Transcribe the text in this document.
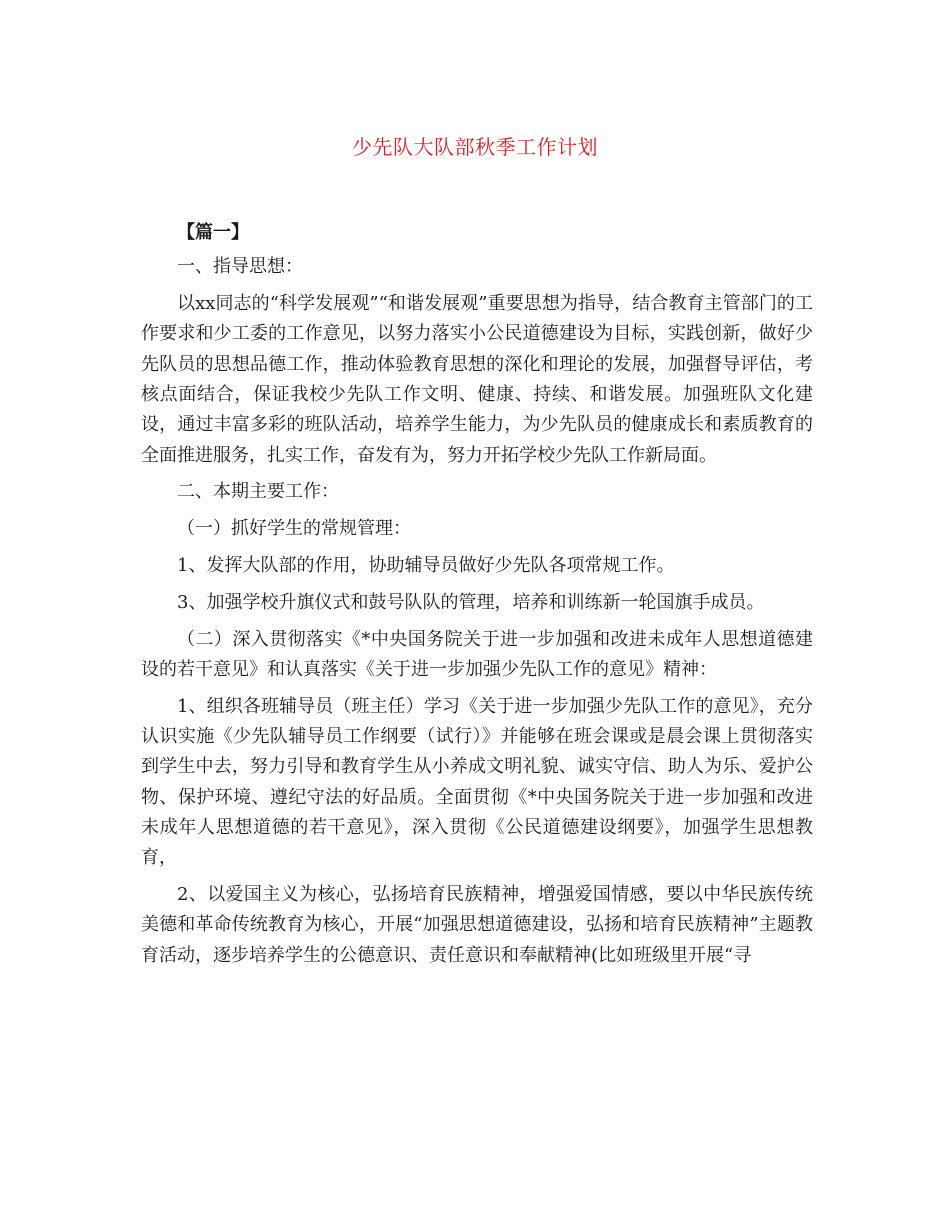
少先队大队部秋季工作计划

【篇一】

一、指导思想：

以xx同志的“科学发展观”“和谐发展观”重要思想为指导，结合教育主管部门的工作要求和少工委的工作意见，以努力落实小公民道德建设为目标，实践创新，做好少先队员的思想品德工作，推动体验教育思想的深化和理论的发展，加强督导评估，考核点面结合，保证我校少先队工作文明、健康、持续、和谐发展。加强班队文化建设，通过丰富多彩的班队活动，培养学生能力，为少先队员的健康成长和素质教育的全面推进服务，扎实工作，奋发有为，努力开拓学校少先队工作新局面。

二、本期主要工作：

（一）抓好学生的常规管理：

1、发挥大队部的作用，协助辅导员做好少先队各项常规工作。

3、加强学校升旗仪式和鼓号队队的管理，培养和训练新一轮国旗手成员。

（二）深入贯彻落实《*中央国务院关于进一步加强和改进未成年人思想道德建设的若干意见》和认真落实《关于进一步加强少先队工作的意见》精神：

1、组织各班辅导员（班主任）学习《关于进一步加强少先队工作的意见》，充分认识实施《少先队辅导员工作纲要（试行）》并能够在班会课或是晨会课上贯彻落实到学生中去，努力引导和教育学生从小养成文明礼貌、诚实守信、助人为乐、爱护公物、保护环境、遵纪守法的好品质。全面贯彻《*中央国务院关于进一步加强和改进未成年人思想道德的若干意见》，深入贯彻《公民道德建设纲要》，加强学生思想教育，

2、以爱国主义为核心，弘扬培育民族精神，增强爱国情感，要以中华民族传统美德和革命传统教育为核心，开展“加强思想道德建设，弘扬和培育民族精神”主题教育活动，逐步培养学生的公德意识、责任意识和奉献精神(比如班级里开展“寻
